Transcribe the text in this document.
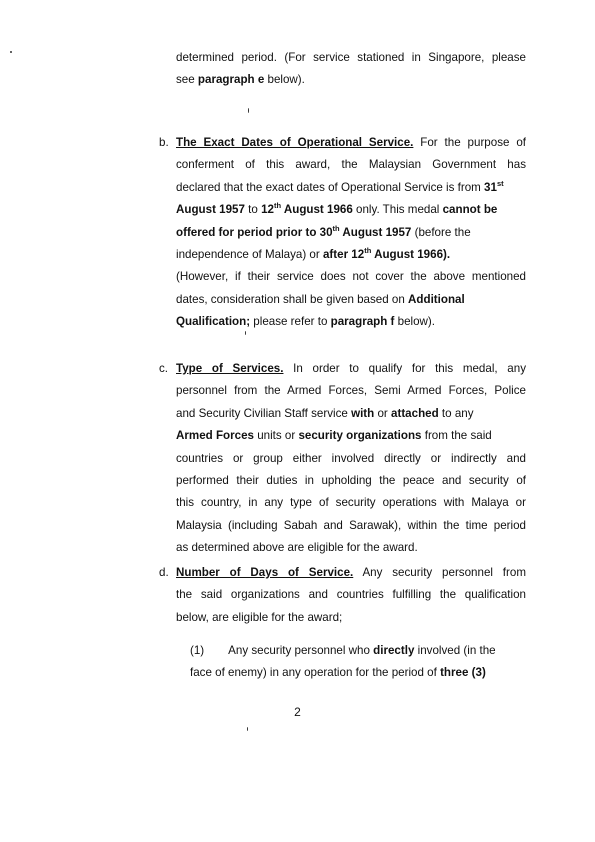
determined period. (For service stationed in Singapore, please
see paragraph e below).
b. The Exact Dates of Operational Service. For the purpose of
conferment of this award, the Malaysian Government has
declared that the exact dates of Operational Service is from 31st
August 1957 to 12th August 1966 only. This medal cannot be
offered for period prior to 30th August 1957 (before the
independence of Malaya) or after 12th August 1966).
(However, if their service does not cover the above mentioned
dates, consideration shall be given based on Additional
Qualification; please refer to paragraph f below).
c. Type of Services. In order to qualify for this medal, any
personnel from the Armed Forces, Semi Armed Forces, Police
and Security Civilian Staff service with or attached to any
Armed Forces units or security organizations from the said
countries or group either involved directly or indirectly and
performed their duties in upholding the peace and security of
this country, in any type of security operations with Malaya or
Malaysia (including Sabah and Sarawak), within the time period
as determined above are eligible for the award.
d. Number of Days of Service. Any security personnel from
the said organizations and countries fulfilling the qualification
below, are eligible for the award;
(1) Any security personnel who directly involved (in the
face of enemy) in any operation for the period of three (3)
2
